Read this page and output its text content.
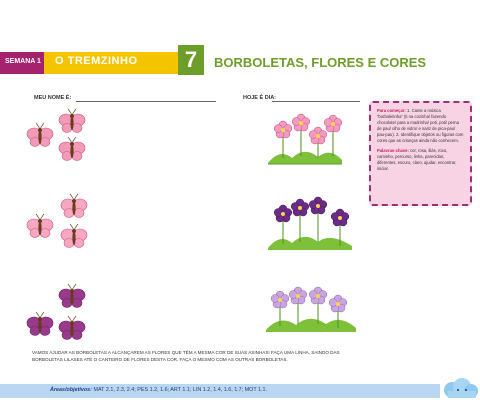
SEMANA 1 O TREMZINHO	7	BORBOLETAS, FLORES E CORES
MEU NOME É:	HOJE É DIA:

Para começar: 1. Cante a música “borboletinha” (ti na cozinha/ fazendo chocolate/ para a madrinha/ poti, poti/ perna de pau/ olho de vidro/ e nariz de pica-pau/ pau-pau). 2. Identifique objetos ou figuras com cores que as crianças ainda não conhecem.

Palavras-chave: cor, rosa, lilás, roxo, caminho, percurso, linha, parecidas, diferentes, escuro, claro, ajudar, encontrar, iniciar.

VAMOS AJUDAR AS BORBOLETAS A ALCANÇAREM AS FLORES QUE TÊM A MESMA COR DE SUAS ASINHAS! FAÇA UMA LINHA, SAINDO DAS BORBOLETAS LILASES ATÉ O CANTEIRO DE FLORES DESTA COR. FAÇA O MESMO COM AS OUTRAS BORBOLETAS.
Áreas/objetivos: MAT 2.1, 2.3, 2.4; PES 1.2, 1.6; ART 1.1; LIN 1.2, 1.4, 1.6, 1.7; MOT 1.1.
